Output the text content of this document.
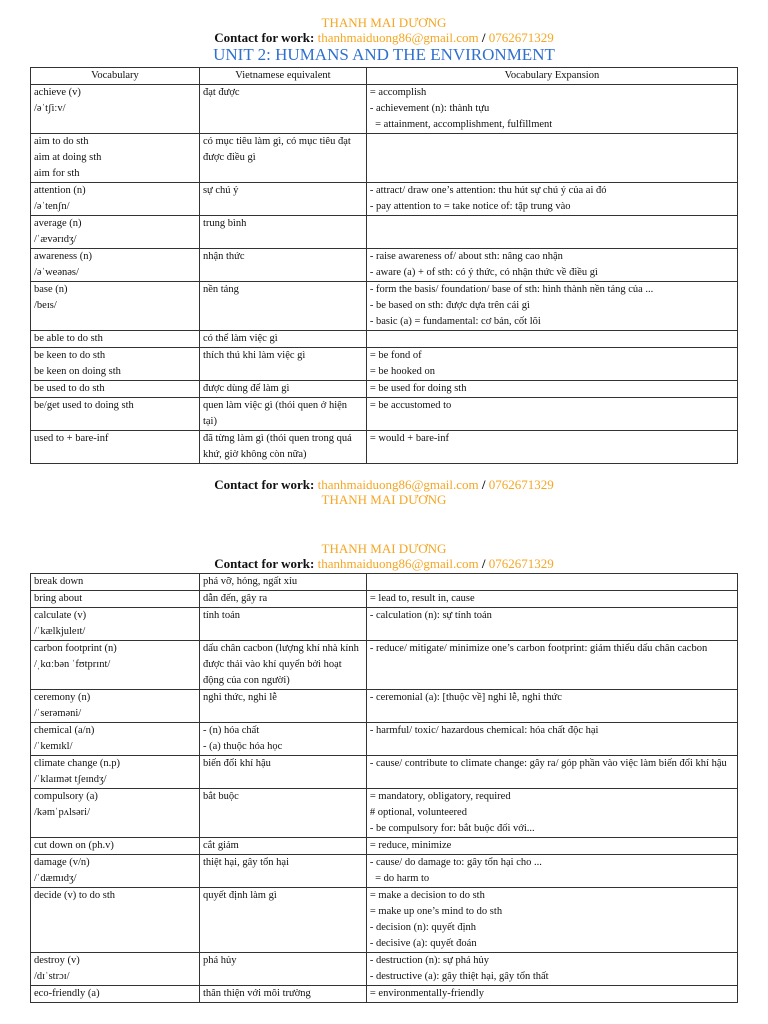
THANH MAI DƯƠNG
Contact for work: thanhmaiduong86@gmail.com / 0762671329
UNIT 2: HUMANS AND THE ENVIRONMENT
Vocabulary	Vietnamese equivalent	Vocabulary Expansion

achieve (v)
/əˈtʃiːv/	đạt được	= accomplish
- achievement (n): thành tựu
= attainment, accomplishment, fulfillment

aim to do sth
aim at doing sth
aim for sth	có mục tiêu làm gì, có mục tiêu đạt được điều gì	

attention (n)
/əˈtenʃn/	sự chú ý	- attract/ draw one’s attention: thu hút sự chú ý của ai đó
- pay attention to = take notice of: tập trung vào

average (n)
/ˈævərɪdʒ/	trung bình	

awareness (n)
/əˈweənəs/	nhận thức	- raise awareness of/ about sth: nâng cao nhận
- aware (a) + of sth: có ý thức, có nhận thức về điều gì

base (n)
/beɪs/	nền tảng	- form the basis/ foundation/ base of sth: hình thành nền tảng của ...
- be based on sth: được dựa trên cái gì
- basic (a) = fundamental: cơ bản, cốt lõi

be able to do sth	có thể làm việc gì	

be keen to do sth
be keen on doing sth	thích thú khi làm việc gì	= be fond of
= be hooked on

be used to do sth	được dùng để làm gì	= be used for doing sth

be/get used to doing sth	quen làm việc gì (thói quen ở hiện tại)	= be accustomed to

used to + bare-inf	đã từng làm gì (thói quen trong quá khứ, giờ không còn nữa)	= would + bare-inf
Contact for work: thanhmaiduong86@gmail.com / 0762671329
THANH MAI DƯƠNG
THANH MAI DƯƠNG
Contact for work: thanhmaiduong86@gmail.com / 0762671329
break down	phá vỡ, hỏng, ngất xỉu	

bring about	dẫn đến, gây ra	= lead to, result in, cause

calculate (v)
/ˈkælkjuleɪt/	tính toán	- calculation (n): sự tính toán

carbon footprint (n)
/ˌkɑːbən ˈfʊtprɪnt/	dấu chân cacbon (lượng khí nhà kính được thải vào khí quyển bởi hoạt động của con người)	- reduce/ mitigate/ minimize one’s carbon footprint: giảm thiểu dấu chân cacbon

ceremony (n)
/ˈserəməni/	nghi thức, nghi lễ	- ceremonial (a): [thuộc về] nghi lễ, nghi thức

chemical (a/n)
/ˈkemɪkl/	- (n) hóa chất
- (a) thuộc hóa học	- harmful/ toxic/ hazardous chemical: hóa chất độc hại

climate change (n.p)
/ˈklaɪmət tʃeɪndʒ/	biến đổi khí hậu	- cause/ contribute to climate change: gây ra/ góp phần vào việc làm biến đổi khí hậu

compulsory (a)
/kəmˈpʌlsəri/	bắt buộc	= mandatory, obligatory, required
# optional, volunteered
- be compulsory for: bắt buộc đối với...

cut down on (ph.v)	cắt giảm	= reduce, minimize

damage (v/n)
/ˈdæmɪdʒ/	thiệt hại, gây tổn hại	- cause/ do damage to: gây tổn hại cho ...
= do harm to

decide (v) to do sth	quyết định làm gì	= make a decision to do sth
= make up one’s mind to do sth
- decision (n): quyết định
- decisive (a): quyết đoán

destroy (v)
/dɪˈstrɔɪ/	phá hủy	- destruction (n): sự phá hủy
- destructive (a): gây thiệt hại, gây tổn thất

eco-friendly (a)	thân thiện với môi trường	= environmentally-friendly
